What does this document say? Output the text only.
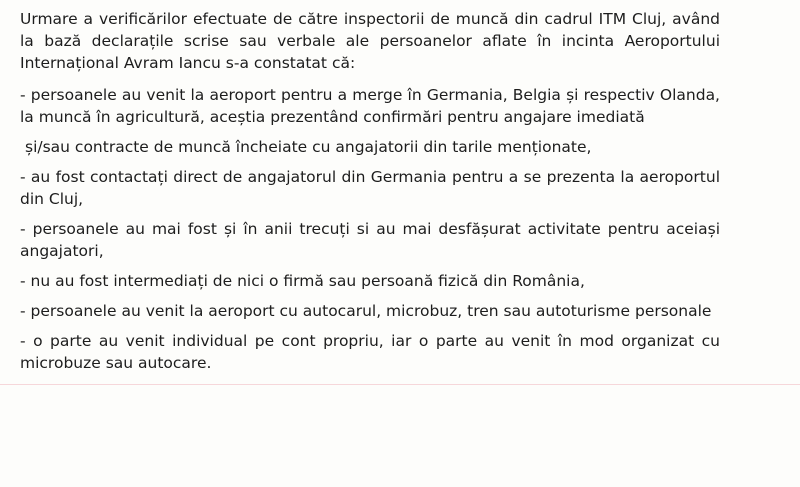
Urmare a verificărilor efectuate de către inspectorii de muncă din cadrul ITM Cluj, având la bază declarațile scrise sau verbale ale persoanelor aflate în incinta Aeroportului Internațional Avram Iancu s-a constatat că:

- persoanele au venit la aeroport pentru a merge în Germania, Belgia și respectiv Olanda, la muncă în agricultură, aceștia prezentând confirmări pentru angajare imediată

și/sau contracte de muncă încheiate cu angajatorii din tarile menționate,

- au fost contactați direct de angajatorul din Germania pentru a se prezenta la aeroportul din Cluj,

- persoanele au mai fost și în anii trecuți si au mai desfășurat activitate pentru aceiași angajatori,

- nu au fost intermediați de nici o firmă sau persoană fizică din România,

- persoanele au venit la aeroport cu autocarul, microbuz, tren sau autoturisme personale

- o parte au venit individual pe cont propriu, iar o parte au venit în mod organizat cu microbuze sau autocare.
